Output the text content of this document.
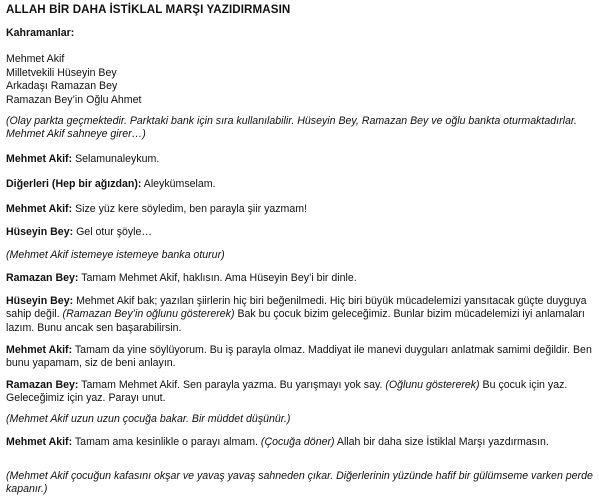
ALLAH BİR DAHA İSTİKLAL MARŞI YAZIDIRMASIN
Kahramanlar:
Mehmet Akif
Milletvekili Hüseyin Bey
Arkadaşı Ramazan Bey
Ramazan Bey’in Oğlu Ahmet

(Olay parkta geçmektedir. Parktaki bank için sıra kullanılabilir. Hüseyin Bey, Ramazan Bey ve oğlu bankta oturmaktadırlar. Mehmet Akif sahneye girer…)

Mehmet Akif: Selamunaleykum.

Diğerleri (Hep bir ağızdan): Aleykümselam.

Mehmet Akif: Size yüz kere söyledim, ben parayla şiir yazmam!

Hüseyin Bey: Gel otur şöyle…

(Mehmet Akif istemeye istemeye banka oturur)

Ramazan Bey: Tamam Mehmet Akif, haklısın. Ama Hüseyin Bey’i bir dinle.

Hüseyin Bey: Mehmet Akif bak; yazılan şiirlerin hiç biri beğenilmedi. Hiç biri büyük mücadelemizi yansıtacak güçte duyguya sahip değil. (Ramazan Bey’in oğlunu göstererek) Bak bu çocuk bizim geleceğimiz. Bunlar bizim mücadelemizi iyi anlamaları lazım. Bunu ancak sen başarabilirsin.

Mehmet Akif: Tamam da yine söylüyorum. Bu iş parayla olmaz. Maddiyat ile manevi duyguları anlatmak samimi değildir. Ben bunu yapamam, siz de beni anlayın.

Ramazan Bey: Tamam Mehmet Akif. Sen parayla yazma. Bu yarışmayı yok say. (Oğlunu göstererek) Bu çocuk için yaz. Geleceğimiz için yaz. Parayı unut.

(Mehmet Akif uzun uzun çocuğa bakar. Bir müddet düşünür.)

Mehmet Akif: Tamam ama kesinlikle o parayı almam. (Çocuğa döner) Allah bir daha size İstiklal Marşı yazdırmasın.

(Mehmet Akif çocuğun kafasını okşar ve yavaş yavaş sahneden çıkar. Diğerlerinin yüzünde hafif bir gülümseme varken perde kapanır.)
